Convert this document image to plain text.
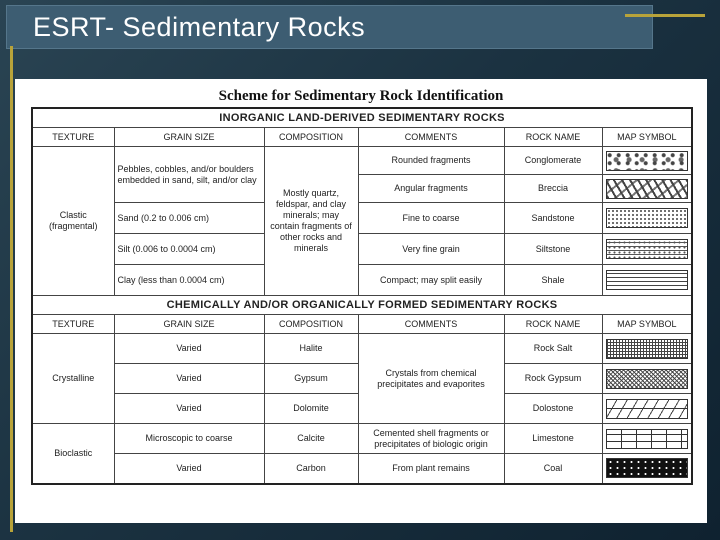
ESRT- Sedimentary Rocks
Scheme for Sedimentary Rock Identification
INORGANIC LAND-DERIVED SEDIMENTARY ROCKS					
TEXTURE	GRAIN SIZE	COMPOSITION	COMMENTS	ROCK NAME	MAP SYMBOL
Clastic (fragmental)	Pebbles, cobbles, and/or boulders embedded in sand, silt, and/or clay	Mostly quartz, feldspar, and clay minerals; may contain fragments of other rocks and minerals	Rounded fragments	Conglomerate	

			Angular fragments	Breccia	

	Sand (0.2 to 0.006 cm)		Fine to coarse	Sandstone	

	Silt (0.006 to 0.0004 cm)		Very fine grain	Siltstone	

	Clay (less than 0.0004 cm)		Compact; may split easily	Shale	

CHEMICALLY AND/OR ORGANICALLY FORMED SEDIMENTARY ROCKS					
TEXTURE	GRAIN SIZE	COMPOSITION	COMMENTS	ROCK NAME	MAP SYMBOL
Crystalline	Varied	Halite	Crystals from chemical precipitates and evaporites	Rock Salt	

	Varied	Gypsum		Rock Gypsum	

	Varied	Dolomite		Dolostone	

Bioclastic	Microscopic to coarse	Calcite	Cemented shell fragments or precipitates of biologic origin	Limestone	

	Varied	Carbon	From plant remains	Coal	
